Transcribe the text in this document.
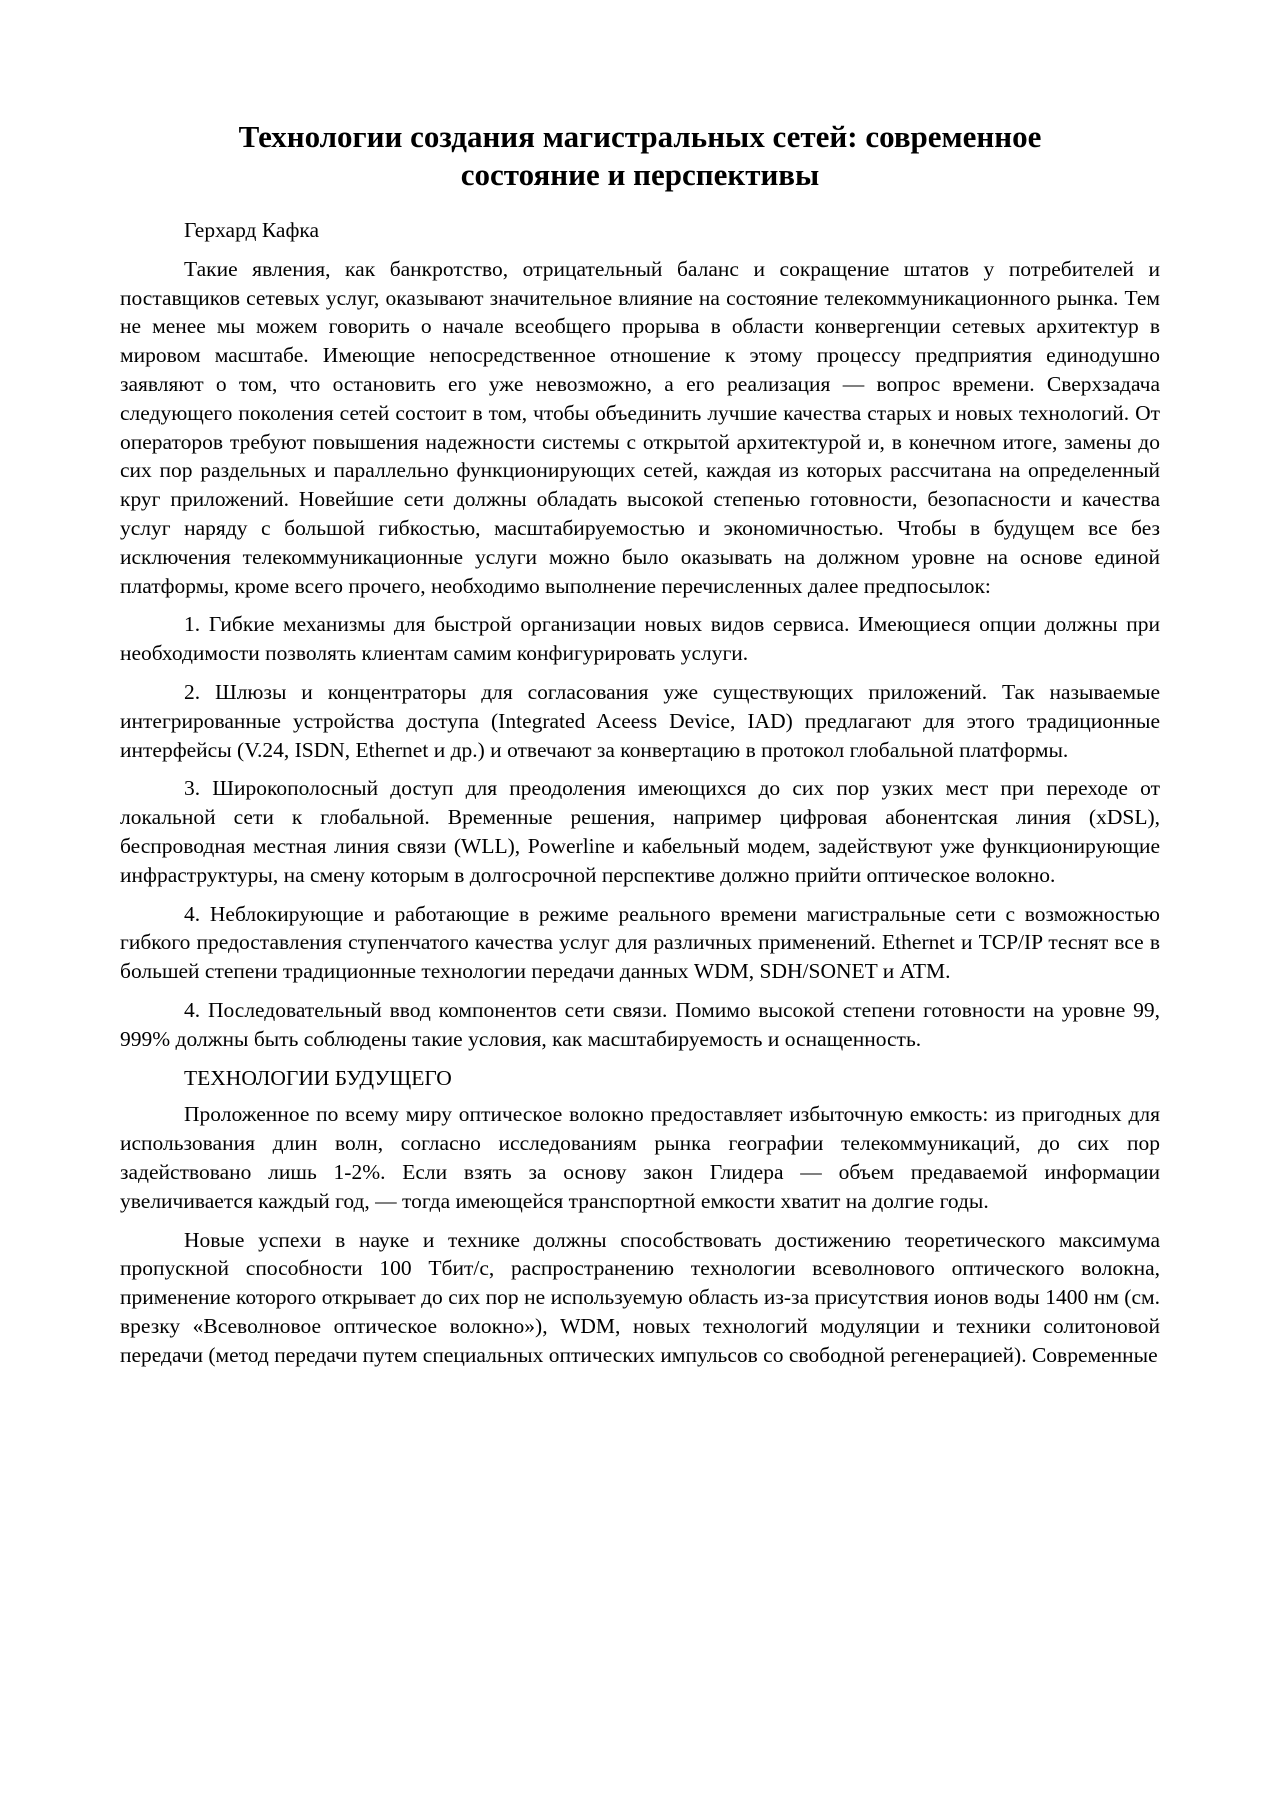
Технологии создания магистральных сетей: современное состояние и перспективы

Герхард Кафка

Такие явления, как банкротство, отрицательный баланс и сокращение штатов у потребителей и поставщиков сетевых услуг, оказывают значительное влияние на состояние телекоммуникационного рынка. Тем не менее мы можем говорить о начале всеобщего прорыва в области конвергенции сетевых архитектур в мировом масштабе. Имеющие непосредственное отношение к этому процессу предприятия единодушно заявляют о том, что остановить его уже невозможно, а его реализация — вопрос времени. Сверхзадача следующего поколения сетей состоит в том, чтобы объединить лучшие качества старых и новых технологий. От операторов требуют повышения надежности системы с открытой архитектурой и, в конечном итоге, замены до сих пор раздельных и параллельно функционирующих сетей, каждая из которых рассчитана на определенный круг приложений. Новейшие сети должны обладать высокой степенью готовности, безопасности и качества услуг наряду с большой гибкостью, масштабируемостью и экономичностью. Чтобы в будущем все без исключения телекоммуникационные услуги можно было оказывать на должном уровне на основе единой платформы, кроме всего прочего, необходимо выполнение перечисленных далее предпосылок:

1. Гибкие механизмы для быстрой организации новых видов сервиса. Имеющиеся опции должны при необходимости позволять клиентам самим конфигурировать услуги.

2. Шлюзы и концентраторы для согласования уже существующих приложений. Так называемые интегрированные устройства доступа (Integrated Aceess Device, IAD) предлагают для этого традиционные интерфейсы (V.24, ISDN, Ethernet и др.) и отвечают за конвертацию в протокол глобальной платформы.

3. Широкополосный доступ для преодоления имеющихся до сих пор узких мест при переходе от локальной сети к глобальной. Временные решения, например цифровая абонентская линия (xDSL), беспроводная местная линия связи (WLL), Powerline и кабельный модем, задействуют уже функционирующие инфраструктуры, на смену которым в долгосрочной перспективе должно прийти оптическое волокно.

4. Неблокирующие и работающие в режиме реального времени магистральные сети с возможностью гибкого предоставления ступенчатого качества услуг для различных применений. Ethernet и TCP/IP теснят все в большей степени традиционные технологии передачи данных WDM, SDH/SONET и ATM.

4. Последовательный ввод компонентов сети связи. Помимо высокой степени готовности на уровне 99, 999% должны быть соблюдены такие условия, как масштабируемость и оснащенность.

ТЕХНОЛОГИИ БУДУЩЕГО

Проложенное по всему миру оптическое волокно предоставляет избыточную емкость: из пригодных для использования длин волн, согласно исследованиям рынка географии телекоммуникаций, до сих пор задействовано лишь 1-2%. Если взять за основу закон Глидера — объем предаваемой информации увеличивается каждый год, — тогда имеющейся транспортной емкости хватит на долгие годы.

Новые успехи в науке и технике должны способствовать достижению теоретического максимума пропускной способности 100 Тбит/с, распространению технологии всеволнового оптического волокна, применение которого открывает до сих пор не используемую область из-за присутствия ионов воды 1400 нм (см. врезку «Всеволновое оптическое волокно»), WDM, новых технологий модуляции и техники солитоновой передачи (метод передачи путем специальных оптических импульсов со свободной регенерацией). Современные
